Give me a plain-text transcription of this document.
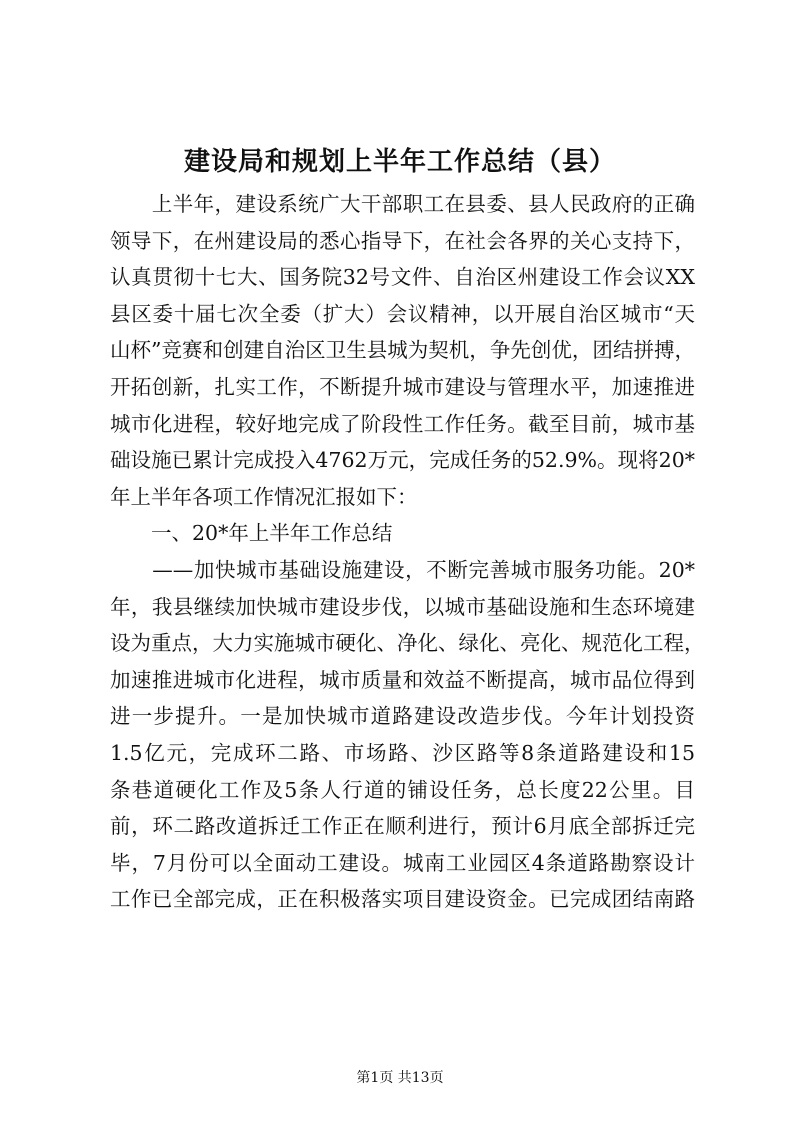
建设局和规划上半年工作总结（县）
　　上半年，建设系统广大干部职工在县委、县人民政府的正确
领导下，在州建设局的悉心指导下，在社会各界的关心支持下，
认真贯彻十七大、国务院32号文件、自治区州建设工作会议XX
县区委十届七次全委（扩大）会议精神，以开展自治区城市“天
山杯”竞赛和创建自治区卫生县城为契机，争先创优，团结拼搏，
开拓创新，扎实工作，不断提升城市建设与管理水平，加速推进
城市化进程，较好地完成了阶段性工作任务。截至目前，城市基
础设施已累计完成投入4762万元，完成任务的52.9%。现将20*
年上半年各项工作情况汇报如下：
　　一、20*年上半年工作总结
　　——加快城市基础设施建设，不断完善城市服务功能。20*
年，我县继续加快城市建设步伐，以城市基础设施和生态环境建
设为重点，大力实施城市硬化、净化、绿化、亮化、规范化工程，
加速推进城市化进程，城市质量和效益不断提高，城市品位得到
进一步提升。一是加快城市道路建设改造步伐。今年计划投资
1.5亿元，完成环二路、市场路、沙区路等8条道路建设和15
条巷道硬化工作及5条人行道的铺设任务，总长度22公里。目
前，环二路改道拆迁工作正在顺利进行，预计6月底全部拆迁完
毕，7月份可以全面动工建设。城南工业园区4条道路勘察设计
工作已全部完成，正在积极落实项目建设资金。已完成团结南路
第1页 共13页
